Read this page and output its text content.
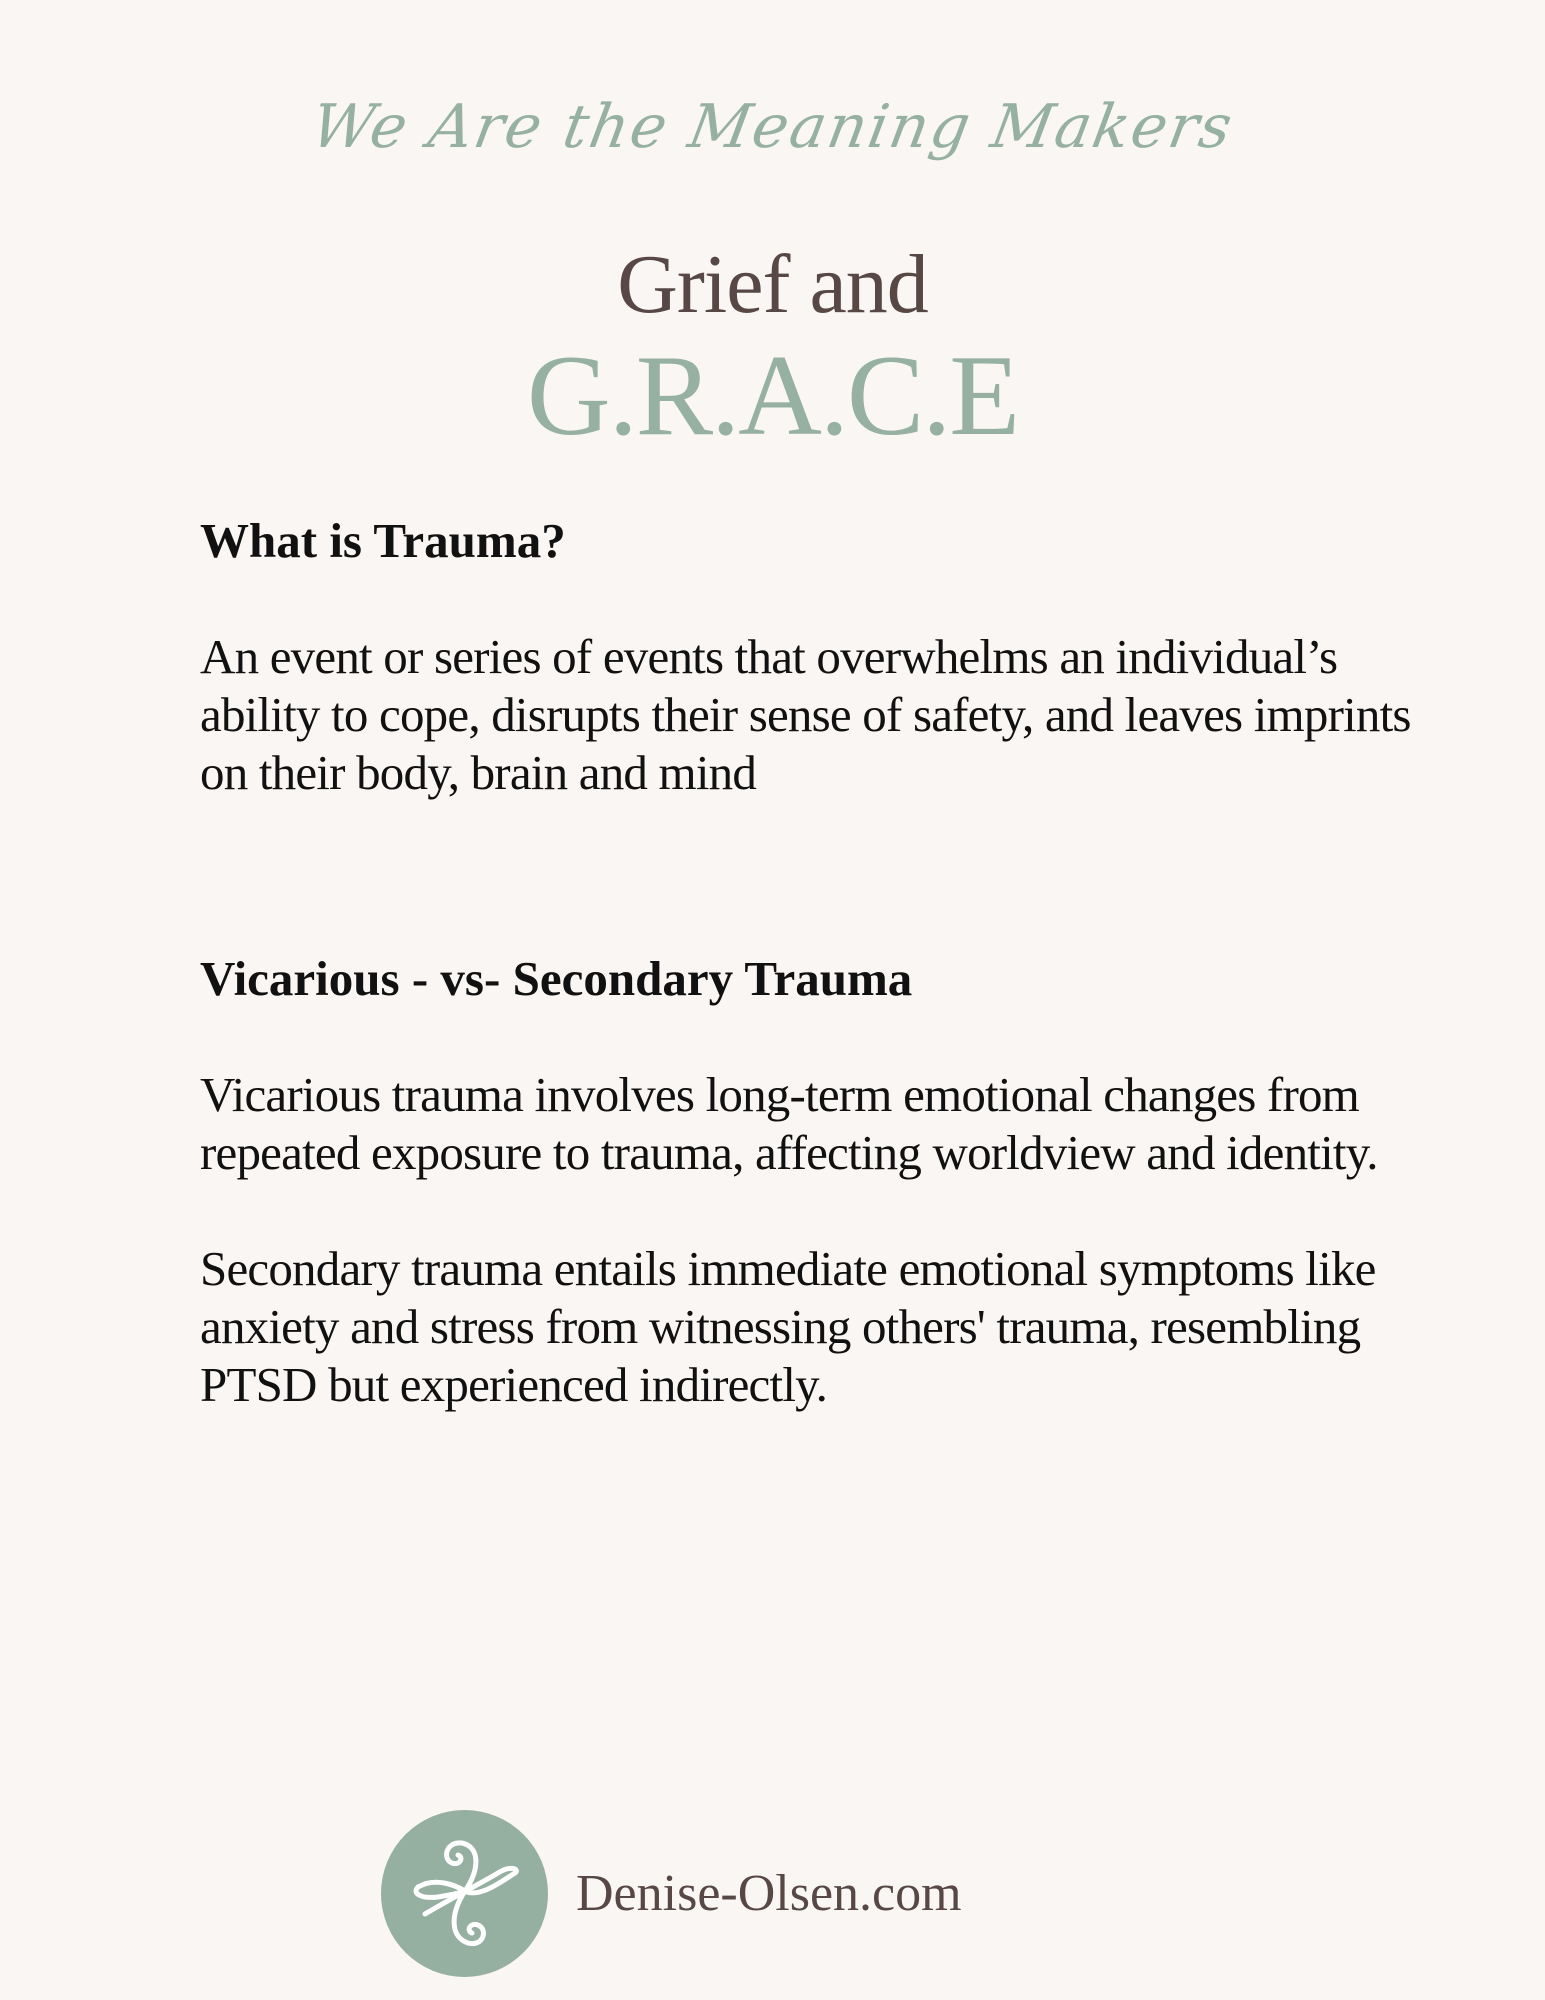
We Are the Meaning Makers
Grief and
G.R.A.C.E
What is Trauma?

An event or series of events that overwhelms an individual’s ability to cope, disrupts their sense of safety, and leaves imprints on their body, brain and mind

Vicarious - vs- Secondary Trauma

Vicarious trauma involves long-term emotional changes from repeated exposure to trauma, affecting worldview and identity.

Secondary trauma entails immediate emotional symptoms like anxiety and stress from witnessing others' trauma, resembling PTSD but experienced indirectly.

Denise-Olsen.com
